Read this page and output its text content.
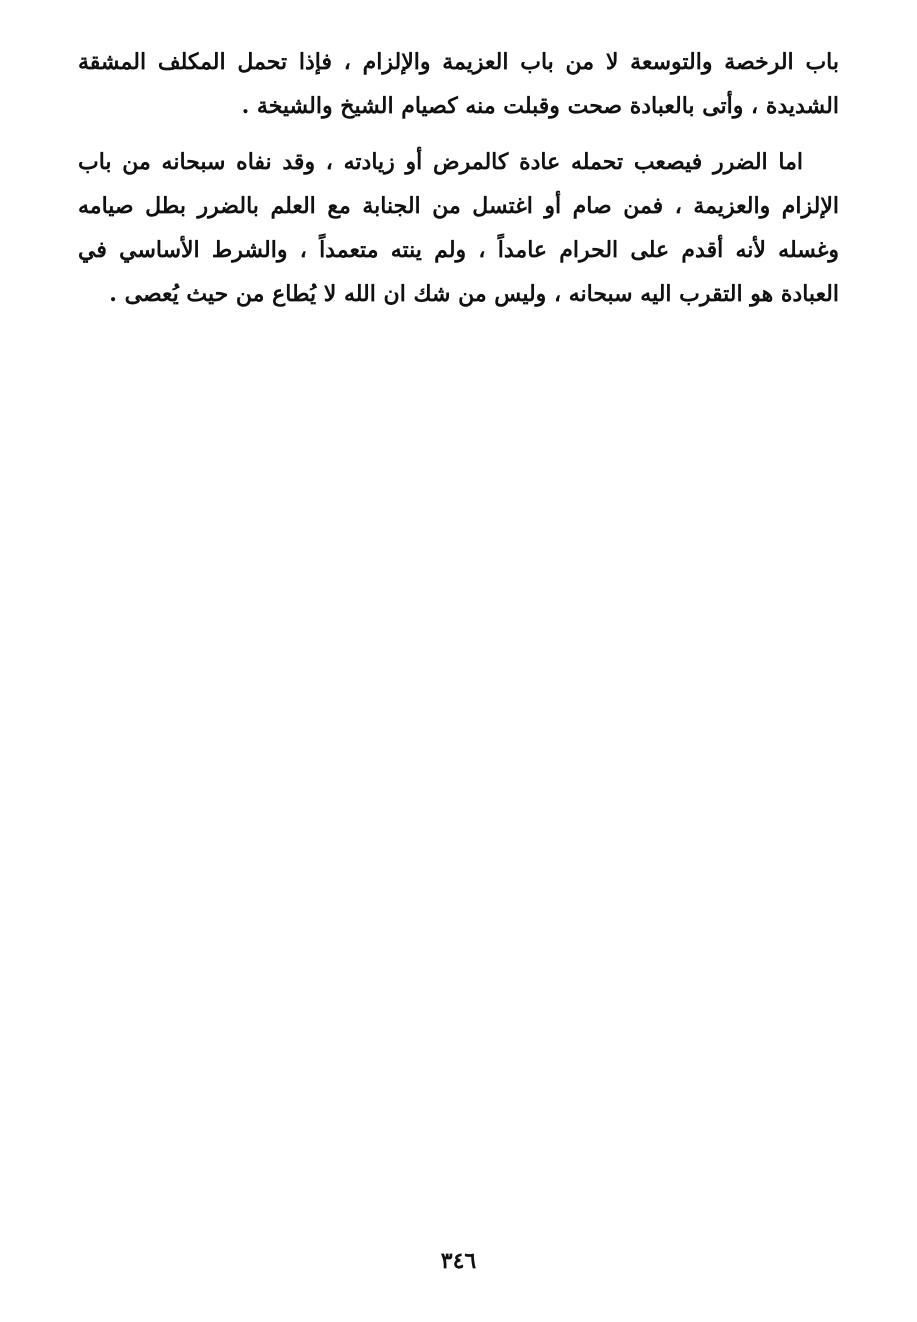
باب الرخصة والتوسعة لا من باب العزيمة والإلزام ، فإذا تحمل المكلف المشقة الشديدة ، وأتى بالعبادة صحت وقبلت منه كصيام الشيخ والشيخة .

اما الضرر فيصعب تحمله عادة كالمرض أو زيادته ، وقد نفاه سبحانه من باب الإلزام والعزيمة ، فمن صام أو اغتسل من الجنابة مع العلم بالضرر بطل صيامه وغسله لأنه أقدم على الحرام عامداً ، ولم ينته متعمداً ، والشرط الأساسي في العبادة هو التقرب اليه سبحانه ، وليس من شك ان الله لا يُطاع من حيث يُعصى .

٣٤٦
